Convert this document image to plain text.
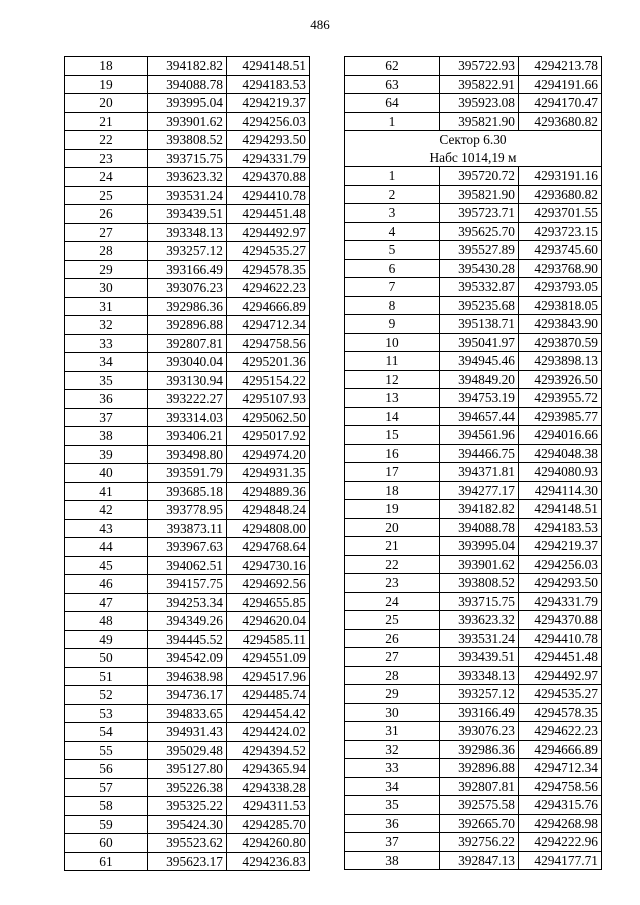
486
18	394182.82	4294148.51
19	394088.78	4294183.53
20	393995.04	4294219.37
21	393901.62	4294256.03
22	393808.52	4294293.50
23	393715.75	4294331.79
24	393623.32	4294370.88
25	393531.24	4294410.78
26	393439.51	4294451.48
27	393348.13	4294492.97
28	393257.12	4294535.27
29	393166.49	4294578.35
30	393076.23	4294622.23
31	392986.36	4294666.89
32	392896.88	4294712.34
33	392807.81	4294758.56
34	393040.04	4295201.36
35	393130.94	4295154.22
36	393222.27	4295107.93
37	393314.03	4295062.50
38	393406.21	4295017.92
39	393498.80	4294974.20
40	393591.79	4294931.35
41	393685.18	4294889.36
42	393778.95	4294848.24
43	393873.11	4294808.00
44	393967.63	4294768.64
45	394062.51	4294730.16
46	394157.75	4294692.56
47	394253.34	4294655.85
48	394349.26	4294620.04
49	394445.52	4294585.11
50	394542.09	4294551.09
51	394638.98	4294517.96
52	394736.17	4294485.74
53	394833.65	4294454.42
54	394931.43	4294424.02
55	395029.48	4294394.52
56	395127.80	4294365.94
57	395226.38	4294338.28
58	395325.22	4294311.53
59	395424.30	4294285.70
60	395523.62	4294260.80
61	395623.17	4294236.83
62	395722.93	4294213.78
63	395822.91	4294191.66
64	395923.08	4294170.47
1	395821.90	4293680.82
Сектор 6.30		
Набс 1014,19 м		
1	395720.72	4293191.16
2	395821.90	4293680.82
3	395723.71	4293701.55
4	395625.70	4293723.15
5	395527.89	4293745.60
6	395430.28	4293768.90
7	395332.87	4293793.05
8	395235.68	4293818.05
9	395138.71	4293843.90
10	395041.97	4293870.59
11	394945.46	4293898.13
12	394849.20	4293926.50
13	394753.19	4293955.72
14	394657.44	4293985.77
15	394561.96	4294016.66
16	394466.75	4294048.38
17	394371.81	4294080.93
18	394277.17	4294114.30
19	394182.82	4294148.51
20	394088.78	4294183.53
21	393995.04	4294219.37
22	393901.62	4294256.03
23	393808.52	4294293.50
24	393715.75	4294331.79
25	393623.32	4294370.88
26	393531.24	4294410.78
27	393439.51	4294451.48
28	393348.13	4294492.97
29	393257.12	4294535.27
30	393166.49	4294578.35
31	393076.23	4294622.23
32	392986.36	4294666.89
33	392896.88	4294712.34
34	392807.81	4294758.56
35	392575.58	4294315.76
36	392665.70	4294268.98
37	392756.22	4294222.96
38	392847.13	4294177.71
